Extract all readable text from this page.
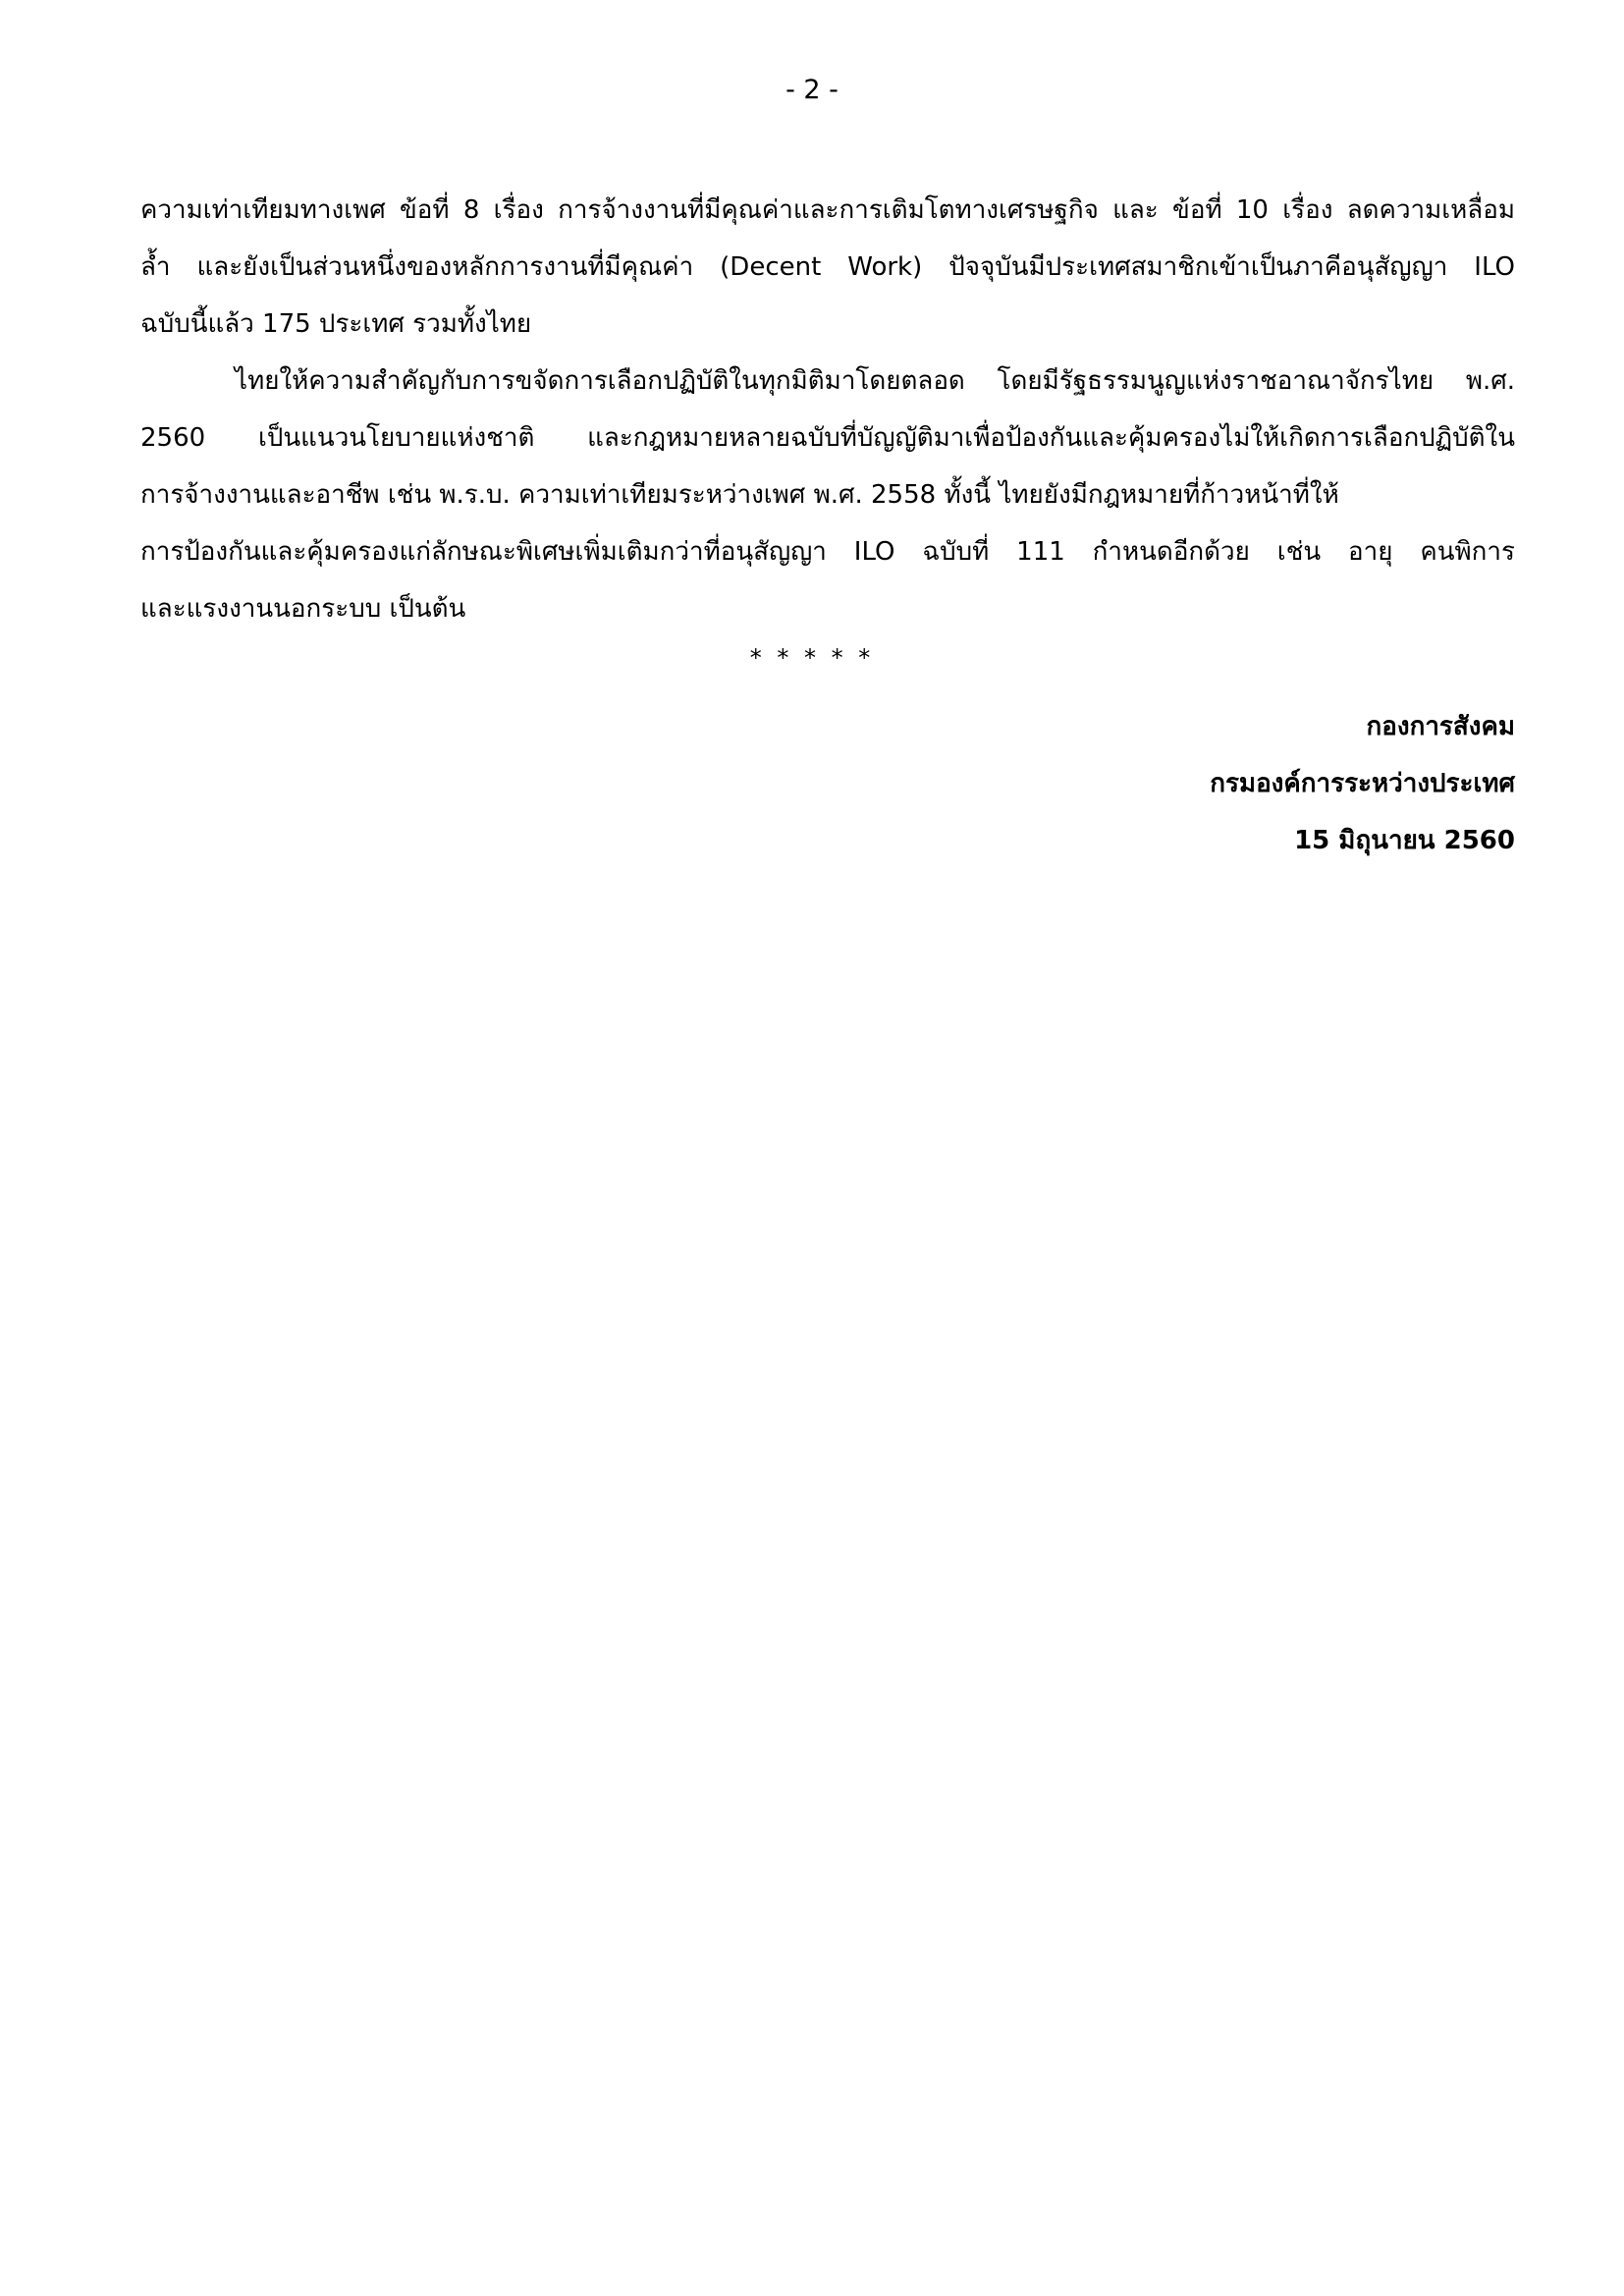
- 2 -
ความเท่าเทียมทางเพศ ข้อที่ 8 เรื่อง การจ้างงานที่มีคุณค่าและการเติมโตทางเศรษฐกิจ และ ข้อที่ 10 เรื่อง ลดความเหลื่อม
ล้ำ และยังเป็นส่วนหนึ่งของหลักการงานที่มีคุณค่า (Decent Work) ปัจจุบันมีประเทศสมาชิกเข้าเป็นภาคีอนุสัญญา ILO
ฉบับนี้แล้ว 175 ประเทศ รวมทั้งไทย
ไทยให้ความสำคัญกับการขจัดการเลือกปฏิบัติในทุกมิติมาโดยตลอด โดยมีรัฐธรรมนูญแห่งราชอาณาจักรไทย พ.ศ.
2560 เป็นแนวนโยบายแห่งชาติ และกฎหมายหลายฉบับที่บัญญัติมาเพื่อป้องกันและคุ้มครองไม่ให้เกิดการเลือกปฏิบัติใน
การจ้างงานและอาชีพ เช่น พ.ร.บ. ความเท่าเทียมระหว่างเพศ พ.ศ. 2558 ทั้งนี้ ไทยยังมีกฎหมายที่ก้าวหน้าที่ให้
การป้องกันและคุ้มครองแก่ลักษณะพิเศษเพิ่มเติมกว่าที่อนุสัญญา ILO ฉบับที่ 111 กำหนดอีกด้วย เช่น อายุ คนพิการ
และแรงงานนอกระบบ เป็นต้น
* * * * *
กองการสังคม
กรมองค์การระหว่างประเทศ
15 มิถุนายน 2560
